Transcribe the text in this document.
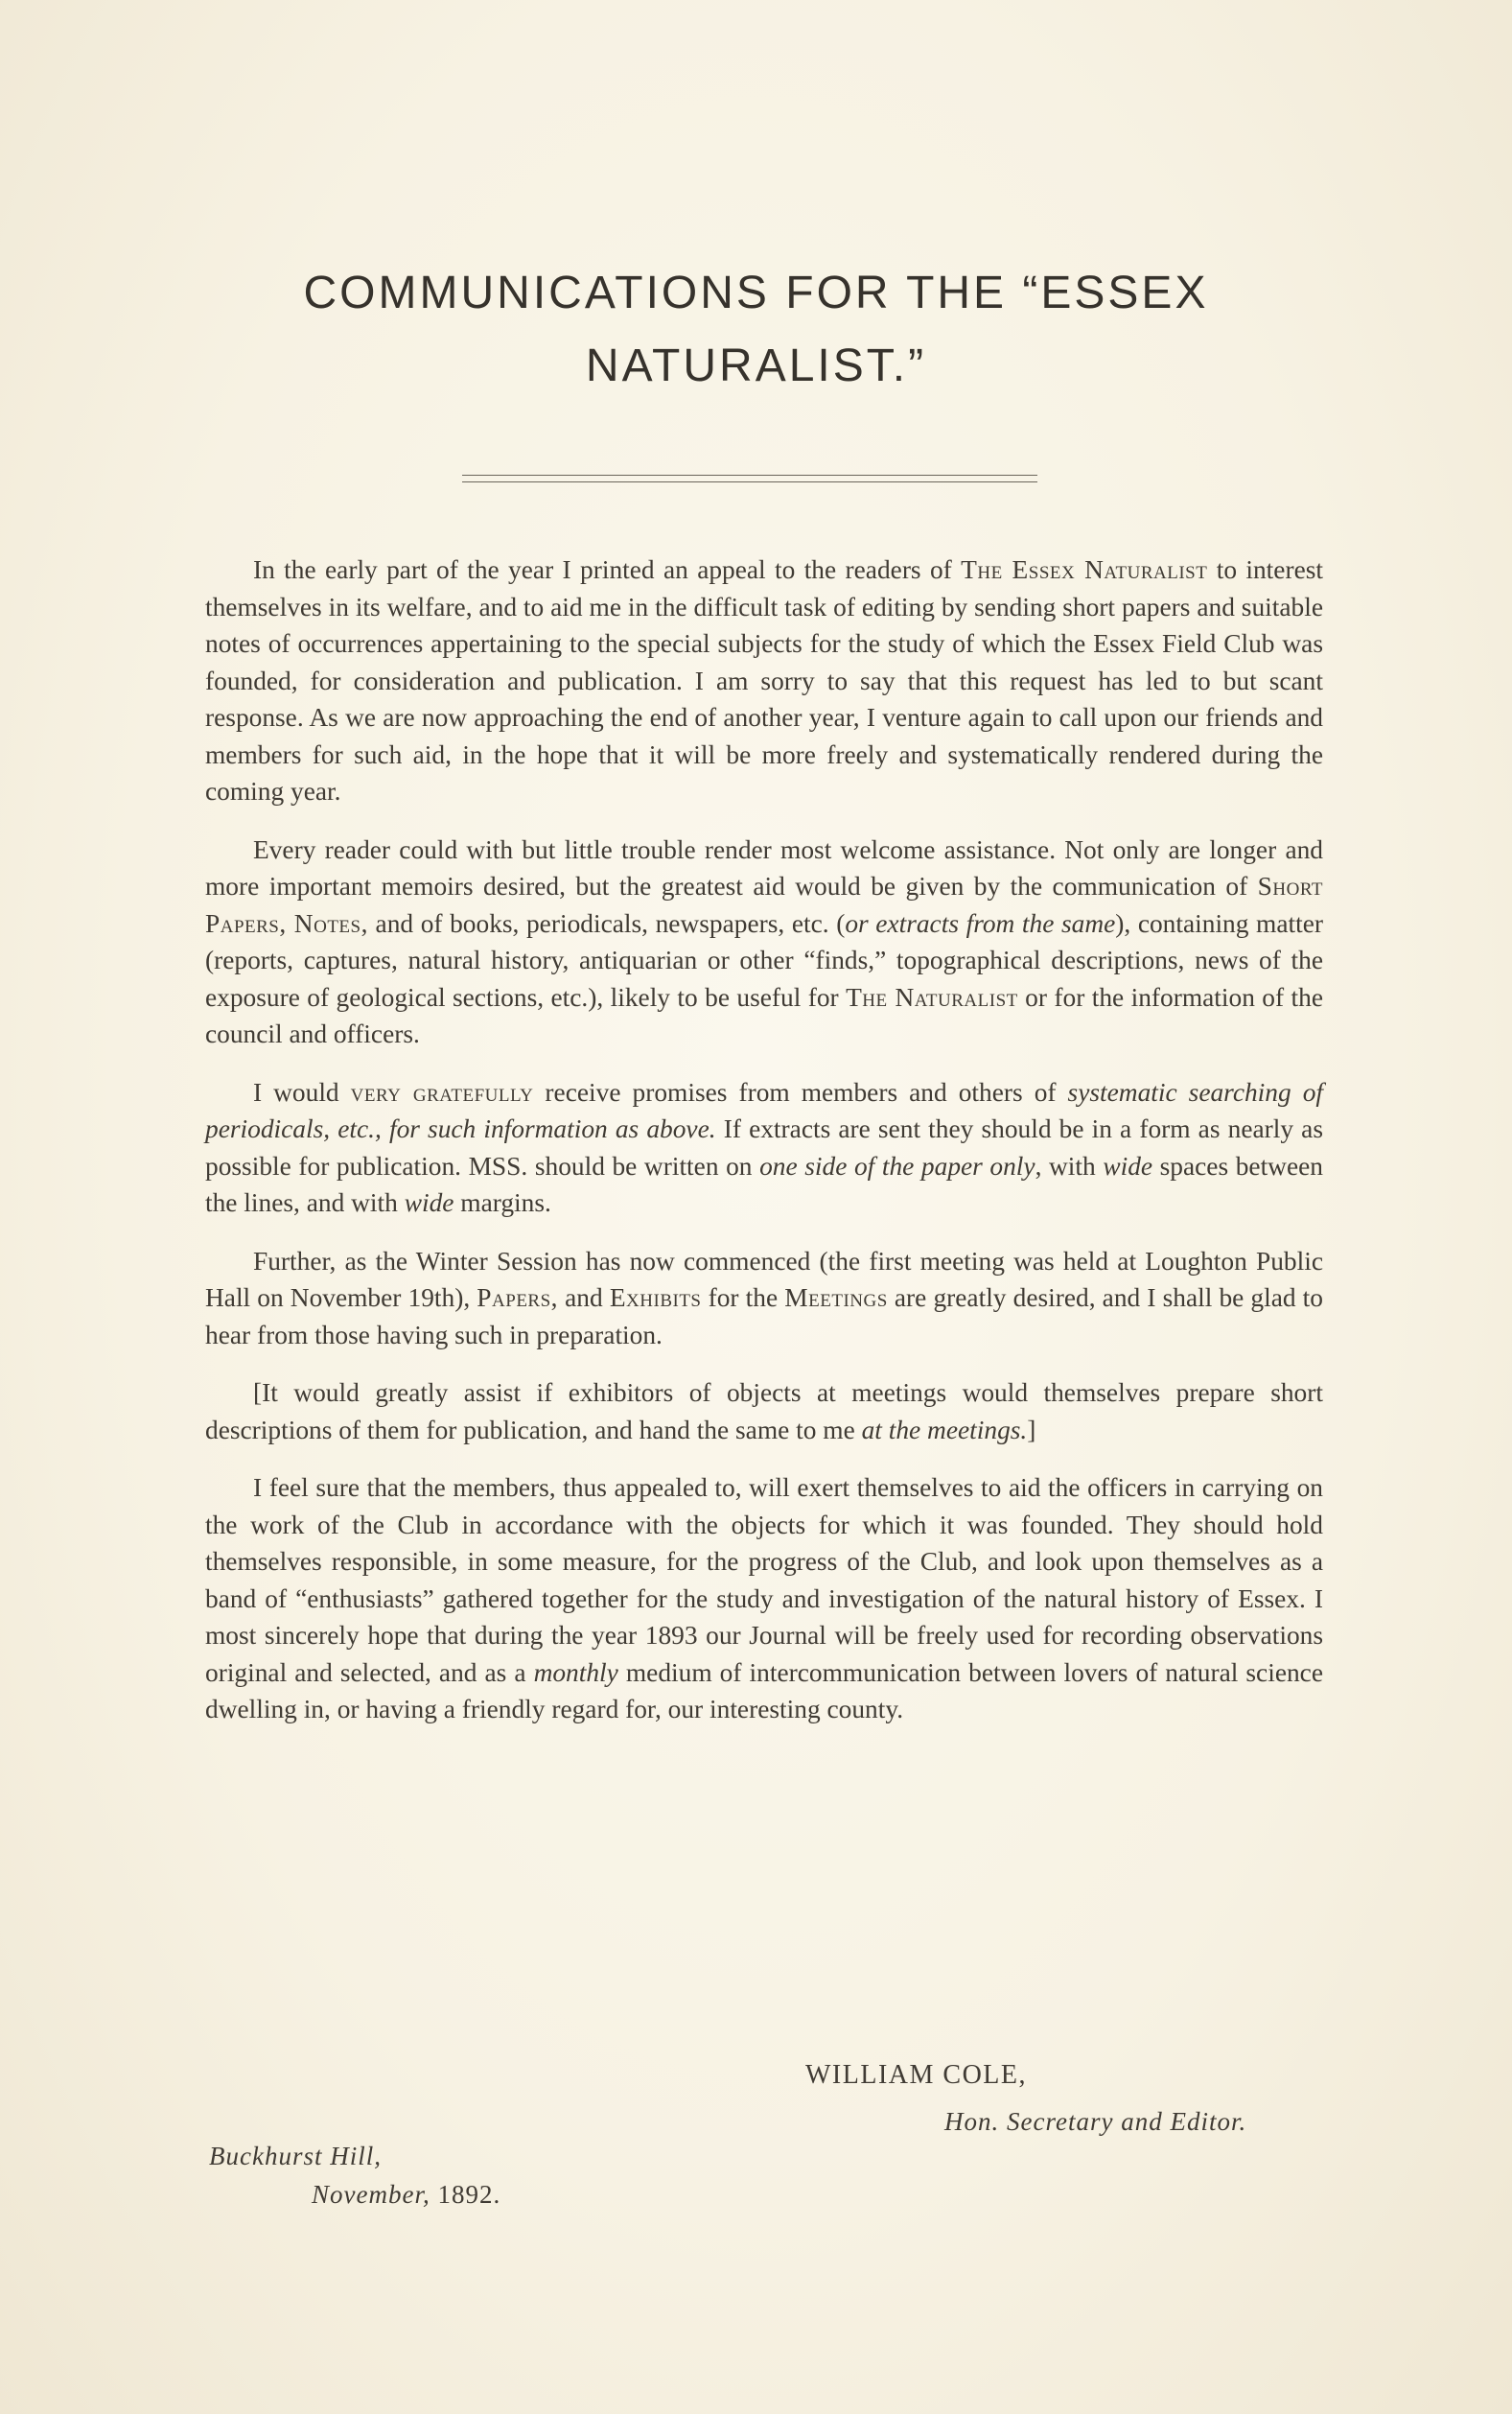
COMMUNICATIONS FOR THE “ESSEX
NATURALIST.”

In the early part of the year I printed an appeal to the readers of The Essex Naturalist to interest themselves in its welfare, and to aid me in the difficult task of editing by sending short papers and suitable notes of occurrences appertaining to the special subjects for the study of which the Essex Field Club was founded, for consideration and publication. I am sorry to say that this request has led to but scant response. As we are now approaching the end of another year, I venture again to call upon our friends and members for such aid, in the hope that it will be more freely and systematically rendered during the coming year.

Every reader could with but little trouble render most welcome assistance. Not only are longer and more important memoirs desired, but the greatest aid would be given by the communication of Short Papers, Notes, and of books, periodicals, newspapers, etc. (or extracts from the same), containing matter (reports, captures, natural history, antiquarian or other “finds,” topographical descriptions, news of the exposure of geological sections, etc.), likely to be useful for The Naturalist or for the information of the council and officers.

I would very gratefully receive promises from members and others of systematic searching of periodicals, etc., for such information as above. If extracts are sent they should be in a form as nearly as possible for publication. MSS. should be written on one side of the paper only, with wide spaces between the lines, and with wide margins.

Further, as the Winter Session has now commenced (the first meeting was held at Loughton Public Hall on November 19th), Papers, and Exhibits for the Meetings are greatly desired, and I shall be glad to hear from those having such in preparation.

[It would greatly assist if exhibitors of objects at meetings would themselves prepare short descriptions of them for publication, and hand the same to me at the meetings.]

I feel sure that the members, thus appealed to, will exert themselves to aid the officers in carrying on the work of the Club in accordance with the objects for which it was founded. They should hold themselves responsible, in some measure, for the progress of the Club, and look upon themselves as a band of “enthusiasts” gathered together for the study and investigation of the natural history of Essex. I most sincerely hope that during the year 1893 our Journal will be freely used for recording observations original and selected, and as a monthly medium of intercommunication between lovers of natural science dwelling in, or having a friendly regard for, our interesting county.

WILLIAM COLE,
Hon. Secretary and Editor.
Buckhurst Hill,
November, 1892.
